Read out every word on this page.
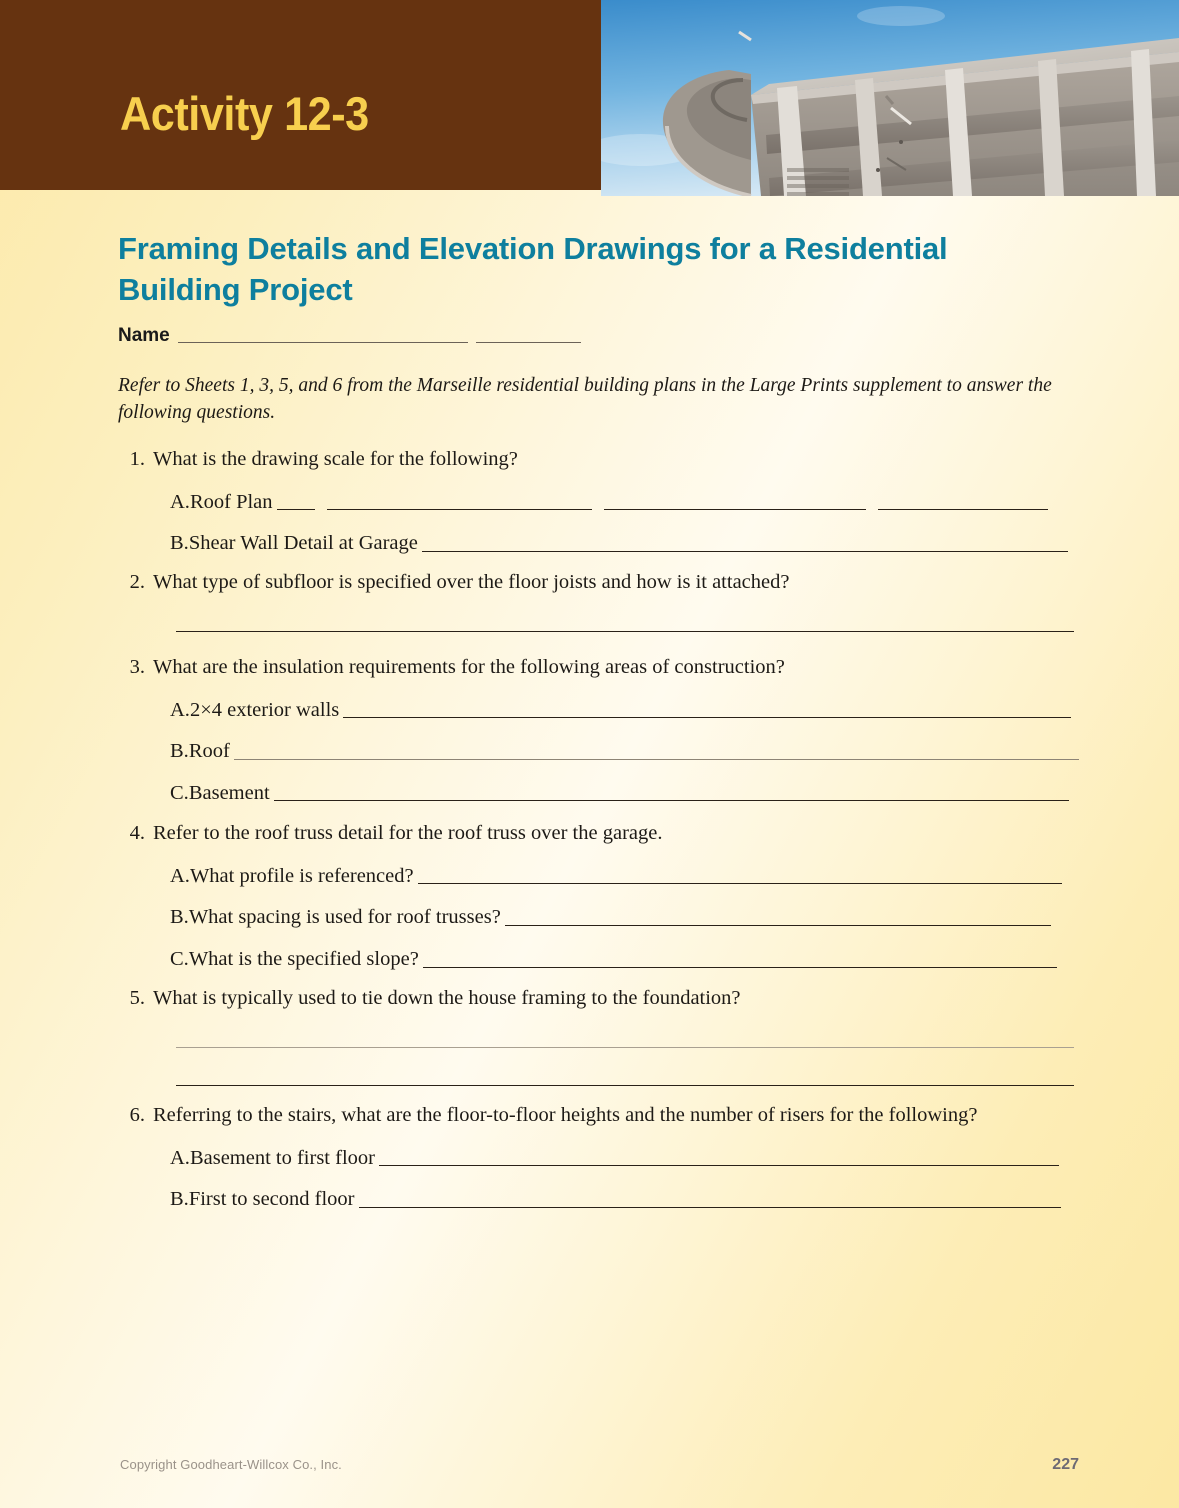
Activity 12-3
Framing Details and Elevation Drawings for a Residential Building Project
Name
Refer to Sheets 1, 3, 5, and 6 from the Marseille residential building plans in the Large Prints supplement to answer the following questions.
1. What is the drawing scale for the following?
A. Roof Plan
B. Shear Wall Detail at Garage
2. What type of subfloor is specified over the floor joists and how is it attached?
3. What are the insulation requirements for the following areas of construction?
A. 2×4 exterior walls
B. Roof
C. Basement
4. Refer to the roof truss detail for the roof truss over the garage.
A. What profile is referenced?
B. What spacing is used for roof trusses?
C. What is the specified slope?
5. What is typically used to tie down the house framing to the foundation?
6. Referring to the stairs, what are the floor-to-floor heights and the number of risers for the following?
A. Basement to first floor
B. First to second floor
Copyright Goodheart-Willcox Co., Inc.	227
